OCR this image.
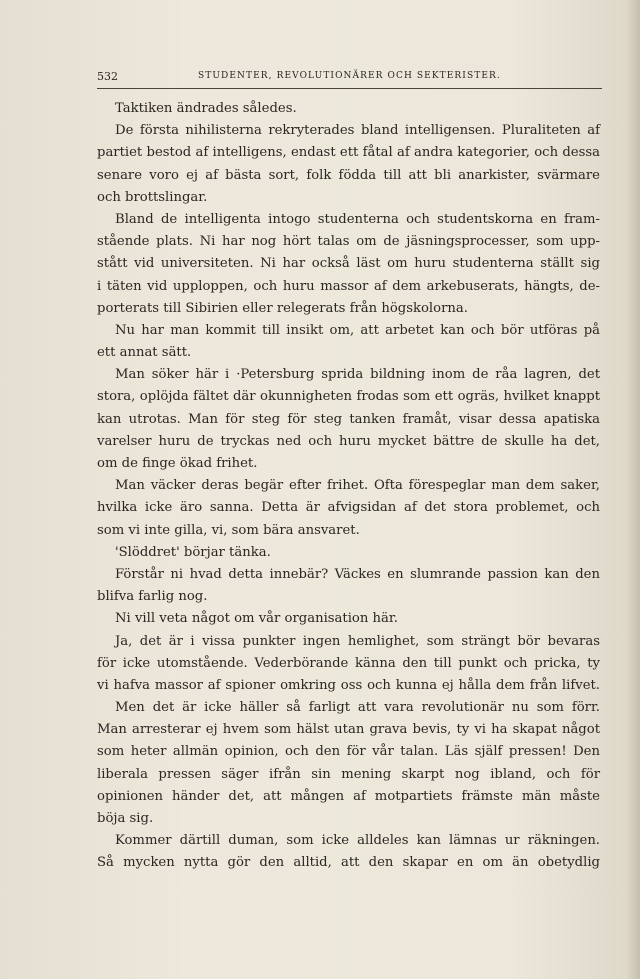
532	STUDENTER, REVOLUTIONÄRER OCH SEKTERISTER.
Taktiken ändrades således.
De första nihilisterna rekryterades bland intelligensen. Pluraliteten af
partiet bestod af intelligens, endast ett fåtal af andra kategorier, och dessa
senare voro ej af bästa sort, folk födda till att bli anarkister, svärmare
och brottslingar.
Bland de intelligenta intogo studenterna och studentskorna en fram-
stående plats. Ni har nog hört talas om de jäsningsprocesser, som upp-
stått vid universiteten. Ni har också läst om huru studenterna ställt sig
i täten vid upploppen, och huru massor af dem arkebuserats, hängts, de-
porterats till Sibirien eller relegerats från högskolorna.
Nu har man kommit till insikt om, att arbetet kan och bör utföras på
ett annat sätt.
Man söker här i ·Petersburg sprida bildning inom de råa lagren, det
stora, oplöjda fältet där okunnigheten frodas som ett ogräs, hvilket knappt
kan utrotas. Man för steg för steg tanken framåt, visar dessa apatiska
varelser huru de tryckas ned och huru mycket bättre de skulle ha det,
om de finge ökad frihet.
Man väcker deras begär efter frihet. Ofta förespeglar man dem saker,
hvilka icke äro sanna. Detta är afvigsidan af det stora problemet, och
som vi inte gilla, vi, som bära ansvaret.
'Slöddret' börjar tänka.
Förstår ni hvad detta innebär? Väckes en slumrande passion kan den
blifva farlig nog.
Ni vill veta något om vår organisation här.
Ja, det är i vissa punkter ingen hemlighet, som strängt bör bevaras
för icke utomstående. Vederbörande känna den till punkt och pricka, ty
vi hafva massor af spioner omkring oss och kunna ej hålla dem från lifvet.
Men det är icke häller så farligt att vara revolutionär nu som förr.
Man arresterar ej hvem som hälst utan grava bevis, ty vi ha skapat något
som heter allmän opinion, och den för vår talan. Läs själf pressen! Den
liberala pressen säger ifrån sin mening skarpt nog ibland, och för
opinionen händer det, att mången af motpartiets främste män måste
böja sig.
Kommer därtill duman, som icke alldeles kan lämnas ur räkningen.
Så mycken nytta gör den alltid, att den skapar en om än obetydlig
